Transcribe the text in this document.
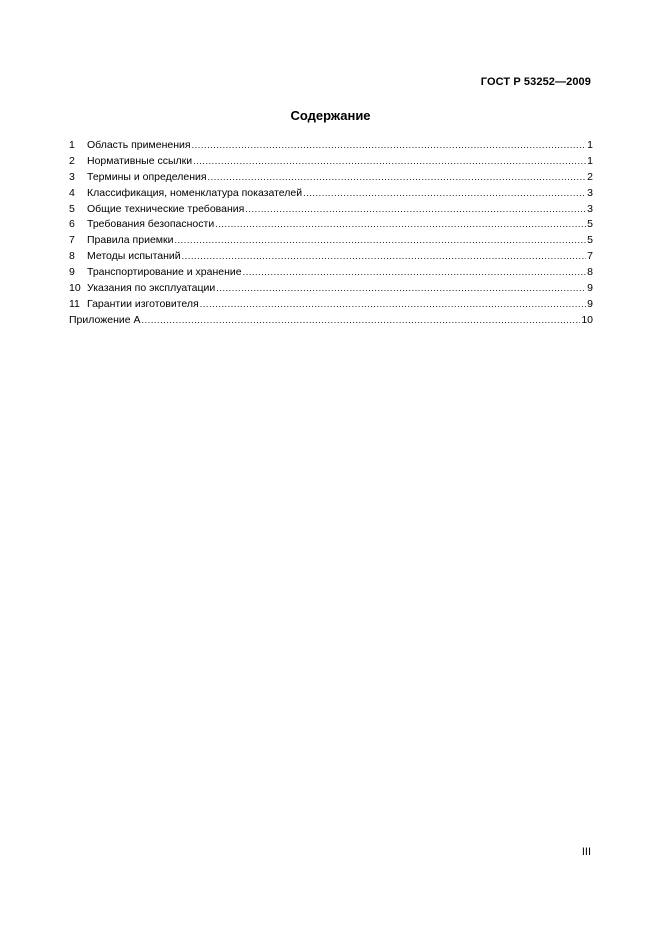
ГОСТ Р 53252—2009
Содержание
1	Область применения .....	1
2	Нормативные ссылки .....	1
3	Термины и определения .....	2
4	Классификация, номенклатура показателей .....	3
5	Общие технические требования .....	3
6	Требования безопасности .....	5
7	Правила приемки .....	5
8	Методы испытаний .....	7
9	Транспортирование и хранение .....	8
10 Указания по эксплуатации .....	9
11 Гарантии изготовителя .....	9
Приложение А .....	10
III
